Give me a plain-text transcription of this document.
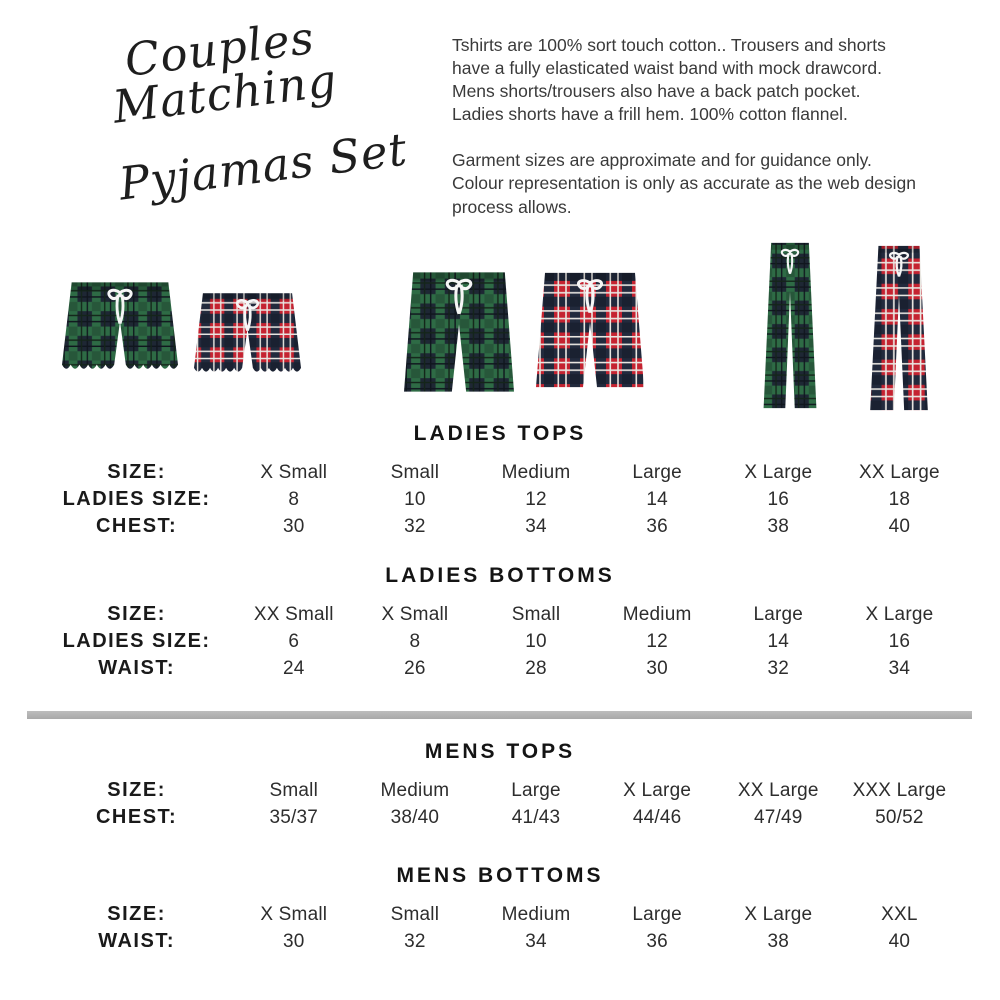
Couples Matching
Pyjamas Set
Tshirts are 100% sort touch cotton.. Trousers and shorts
have a fully elasticated waist band with mock drawcord.
Mens shorts/trousers also have a back patch pocket.
Ladies shorts have a frill hem. 100% cotton flannel.
Garment sizes are approximate and for guidance only.
Colour representation is only as accurate as the web design
process allows.
LADIES TOPS
SIZE:	X Small	Small	Medium	Large	X Large	XX Large
LADIES SIZE:	8	10	12	14	16	18
CHEST:	30	32	34	36	38	40
LADIES BOTTOMS
SIZE:	XX Small	X Small	Small	Medium	Large	X Large
LADIES SIZE:	6	8	10	12	14	16
WAIST:	24	26	28	30	32	34
MENS TOPS
SIZE:	Small	Medium	Large	X Large	XX Large	XXX Large
CHEST:	35/37	38/40	41/43	44/46	47/49	50/52
MENS BOTTOMS
SIZE:	X Small	Small	Medium	Large	X Large	XXL
WAIST:	30	32	34	36	38	40
